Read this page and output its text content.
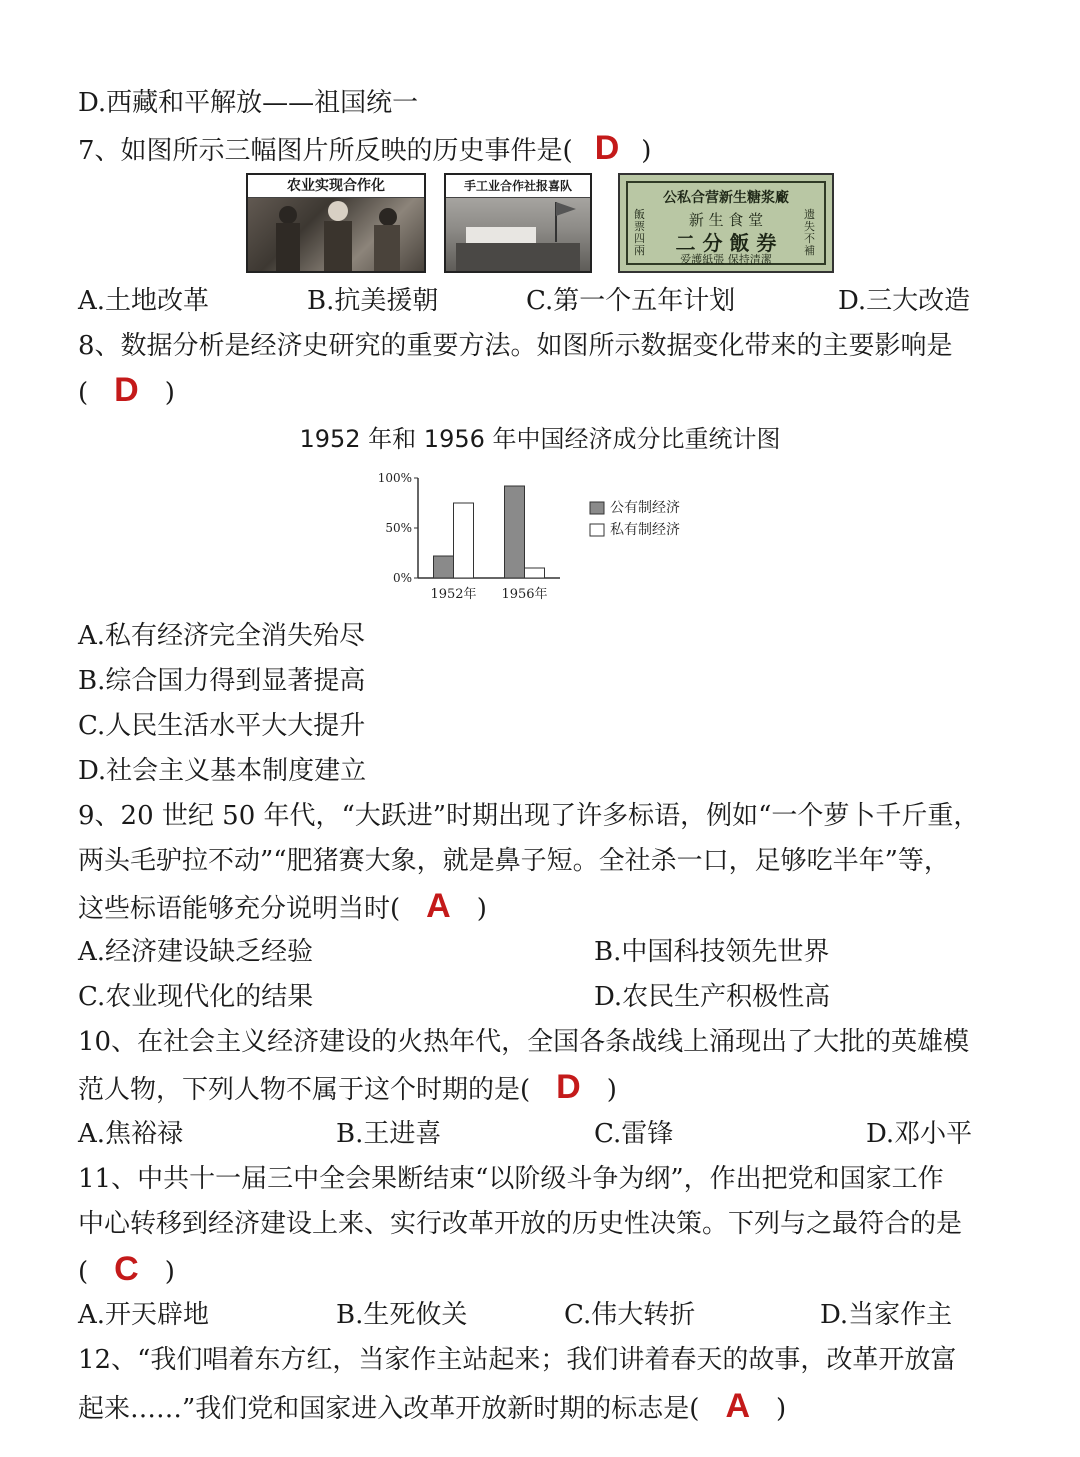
D.西藏和平解放——祖国统一
7、如图所示三幅图片所反映的历史事件是( D )
农业实现合作化	手工业合作社报喜队
公私合营新生糖浆廠
新 生 食 堂
二 分 飯 券
爱護紙張 保持清潔
飯票 四兩
遗失不補
A.土地改革	B.抗美援朝	C.第一个五年计划	D.三大改造
8、数据分析是经济史研究的重要方法。如图所示数据变化带来的主要影响是
( D )
1952 年和 1956 年中国经济成分比重统计图
0%
50%
100%
1952年 1956年
公有制经济
私有制经济
A.私有经济完全消失殆尽
B.综合国力得到显著提高
C.人民生活水平大大提升
D.社会主义基本制度建立
9、20 世纪 50 年代，“大跃进”时期出现了许多标语，例如“一个萝卜千斤重，
两头毛驴拉不动”“肥猪赛大象，就是鼻子短。全社杀一口，足够吃半年”等，
这些标语能够充分说明当时( A )
A.经济建设缺乏经验	B.中国科技领先世界
C.农业现代化的结果	D.农民生产积极性高
10、在社会主义经济建设的火热年代，全国各条战线上涌现出了大批的英雄模
范人物，下列人物不属于这个时期的是( D )
A.焦裕禄	B.王进喜	C.雷锋	D.邓小平
11、中共十一届三中全会果断结束“以阶级斗争为纲”，作出把党和国家工作
中心转移到经济建设上来、实行改革开放的历史性决策。下列与之最符合的是
( C )
A.开天辟地	B.生死攸关	C.伟大转折	D.当家作主
12、“我们唱着东方红，当家作主站起来；我们讲着春天的故事，改革开放富
起来……”我们党和国家进入改革开放新时期的标志是( A )
